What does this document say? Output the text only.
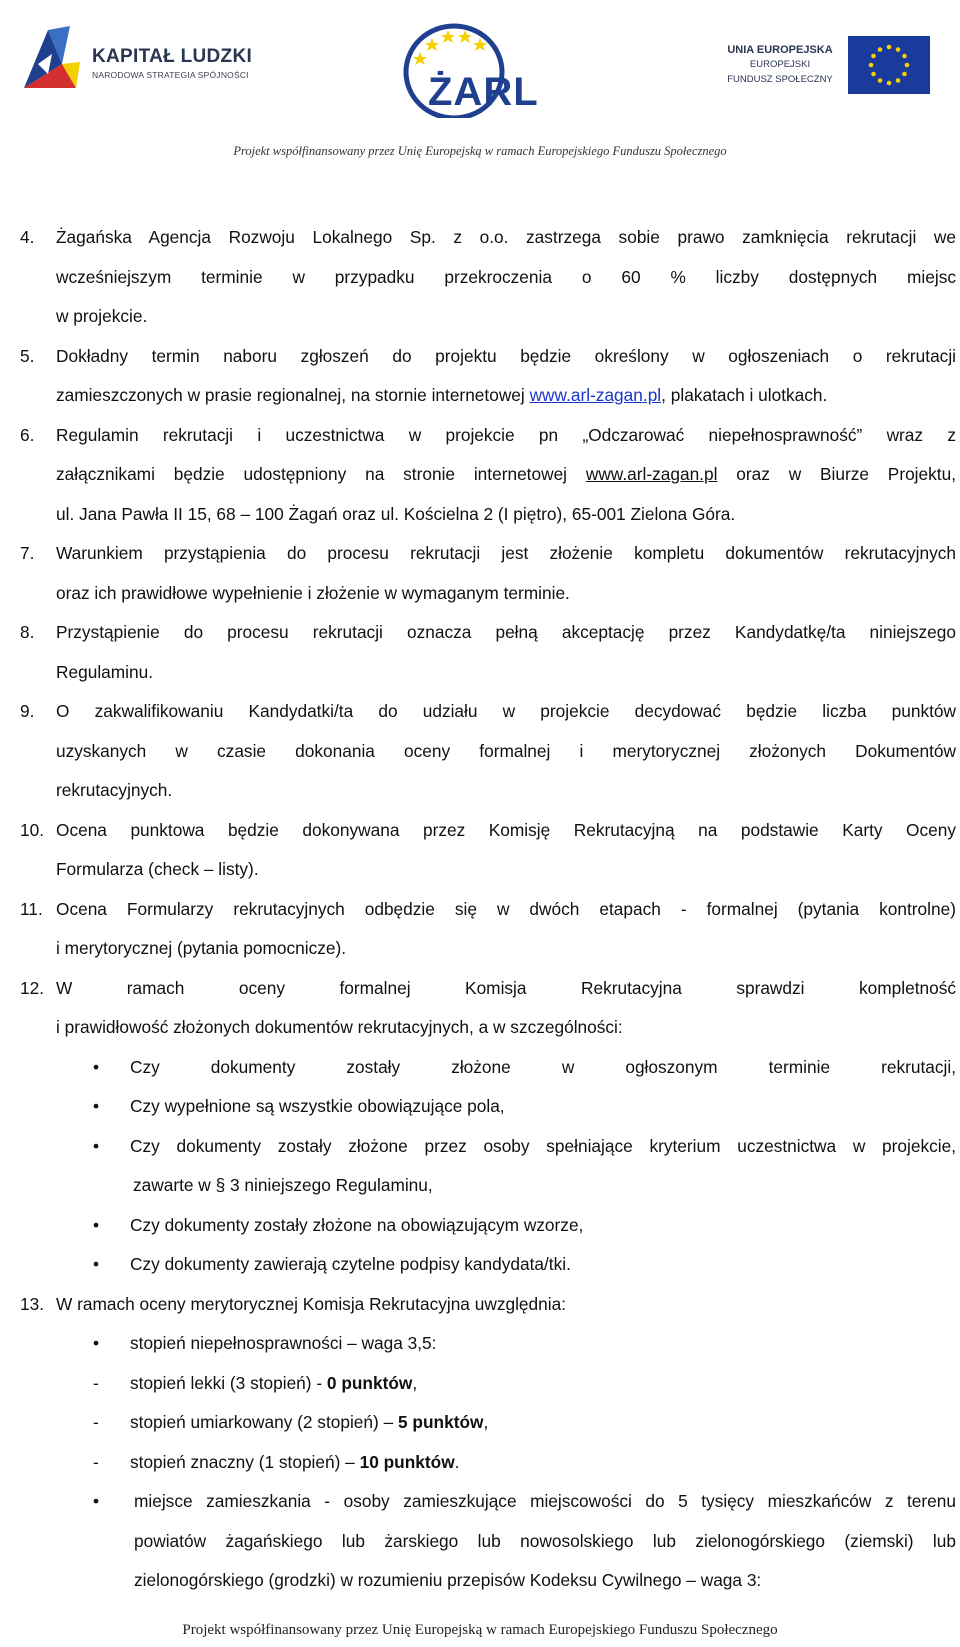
KAPITAŁ LUDZKI
NARODOWA STRATEGIA SPÓJNOŚCI	ŻARL
UNIA EUROPEJSKA
EUROPEJSKI
FUNDUSZ SPOŁECZNY
Projekt współfinansowany przez Unię Europejską w ramach Europejskiego Funduszu Społecznego
4. Żagańska Agencja Rozwoju Lokalnego Sp. z o.o. zastrzega sobie prawo zamknięcia rekrutacji we
wcześniejszym terminie w przypadku przekroczenia o 60 % liczby dostępnych miejsc
w projekcie.
5. Dokładny termin naboru zgłoszeń do projektu będzie określony w ogłoszeniach o rekrutacji
zamieszczonych w prasie regionalnej, na stornie internetowej www.arl-zagan.pl, plakatach i ulotkach.
6. Regulamin rekrutacji i uczestnictwa w projekcie pn „Odczarować niepełnosprawność” wraz z
załącznikami będzie udostępniony na stronie internetowej www.arl-zagan.pl oraz w Biurze Projektu,
ul. Jana Pawła II 15, 68 – 100 Żagań oraz ul. Kościelna 2 (I piętro), 65-001 Zielona Góra.
7. Warunkiem przystąpienia do procesu rekrutacji jest złożenie kompletu dokumentów rekrutacyjnych
oraz ich prawidłowe wypełnienie i złożenie w wymaganym terminie.
8. Przystąpienie do procesu rekrutacji oznacza pełną akceptację przez Kandydatkę/ta niniejszego
Regulaminu.
9. O zakwalifikowaniu Kandydatki/ta do udziału w projekcie decydować będzie liczba punktów
uzyskanych w czasie dokonania oceny formalnej i merytorycznej złożonych Dokumentów
rekrutacyjnych.
10. Ocena punktowa będzie dokonywana przez Komisję Rekrutacyjną na podstawie Karty Oceny
Formularza (check – listy).
11. Ocena Formularzy rekrutacyjnych odbędzie się w dwóch etapach - formalnej (pytania kontrolne)
i merytorycznej (pytania pomocnicze).
12. W ramach oceny formalnej Komisja Rekrutacyjna sprawdzi kompletność
i prawidłowość złożonych dokumentów rekrutacyjnych, a w szczególności:
• Czy dokumenty zostały złożone w ogłoszonym terminie rekrutacji,
• Czy wypełnione są wszystkie obowiązujące pola,
• Czy dokumenty zostały złożone przez osoby spełniające kryterium uczestnictwa w projekcie,
zawarte w § 3 niniejszego Regulaminu,
• Czy dokumenty zostały złożone na obowiązującym wzorze,
• Czy dokumenty zawierają czytelne podpisy kandydata/tki.
13. W ramach oceny merytorycznej Komisja Rekrutacyjna uwzględnia:
• stopień niepełnosprawności – waga 3,5:
- stopień lekki (3 stopień) - 0 punktów,
- stopień umiarkowany (2 stopień) – 5 punktów,
- stopień znaczny (1 stopień) – 10 punktów.
• miejsce zamieszkania - osoby zamieszkujące miejscowości do 5 tysięcy mieszkańców z terenu
powiatów żagańskiego lub żarskiego lub nowosolskiego lub zielonogórskiego (ziemski) lub
zielonogórskiego (grodzki) w rozumieniu przepisów Kodeksu Cywilnego – waga 3:
Projekt współfinansowany przez Unię Europejską w ramach Europejskiego Funduszu Społecznego
